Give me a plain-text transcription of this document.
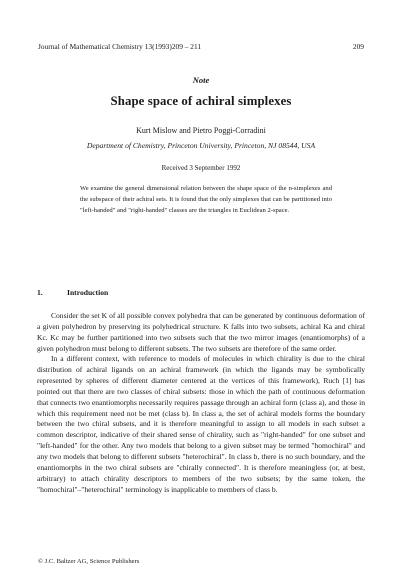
Journal of Mathematical Chemistry 13(1993)209 – 211	209
Note
Shape space of achiral simplexes
Kurt Mislow and Pietro Poggi-Corradini
Department of Chemistry, Princeton University, Princeton, NJ 08544, USA
Received 3 September 1992
We examine the general dimensional relation between the shape space of the n-simplexes and the subspace of their achiral sets. It is found that the only simplexes that can be partitioned into "left-handed" and "right-handed" classes are the triangles in Euclidean 2-space.
1.	Introduction

Consider the set K of all possible convex polyhedra that can be generated by continuous deformation of a given polyhedron by preserving its polyhedrical structure. K falls into two subsets, achiral Ka and chiral Kc. Kc may be further partitioned into two subsets such that the two mirror images (enantiomorphs) of a given polyhedron must belong to different subsets. The two subsets are therefore of the same order.

In a different context, with reference to models of molecules in which chirality is due to the chiral distribution of achiral ligands on an achiral framework (in which the ligands may be symbolically represented by spheres of different diameter centered at the vertices of this framework), Ruch [1] has pointed out that there are two classes of chiral subsets: those in which the path of continuous deformation that connects two enantiomorphs necessarily requires passage through an achiral form (class a), and those in which this requirement need not be met (class b). In class a, the set of achiral models forms the boundary between the two chiral subsets, and it is therefore meaningful to assign to all models in each subset a common descriptor, indicative of their shared sense of chirality, such as "right-handed" for one subset and "left-handed" for the other. Any two models that belong to a given subset may be termed "homochiral" and any two models that belong to different subsets "heterochiral". In class b, there is no such boundary, and the enantiomorphs in the two chiral subsets are "chirally connected". It is therefore meaningless (or, at best, arbitrary) to attach chirality descriptors to members of the two subsets; by the same token, the "homochiral"–"heterochiral" terminology is inapplicable to members of class b.

© J.C. Baltzer AG, Science Publishers
